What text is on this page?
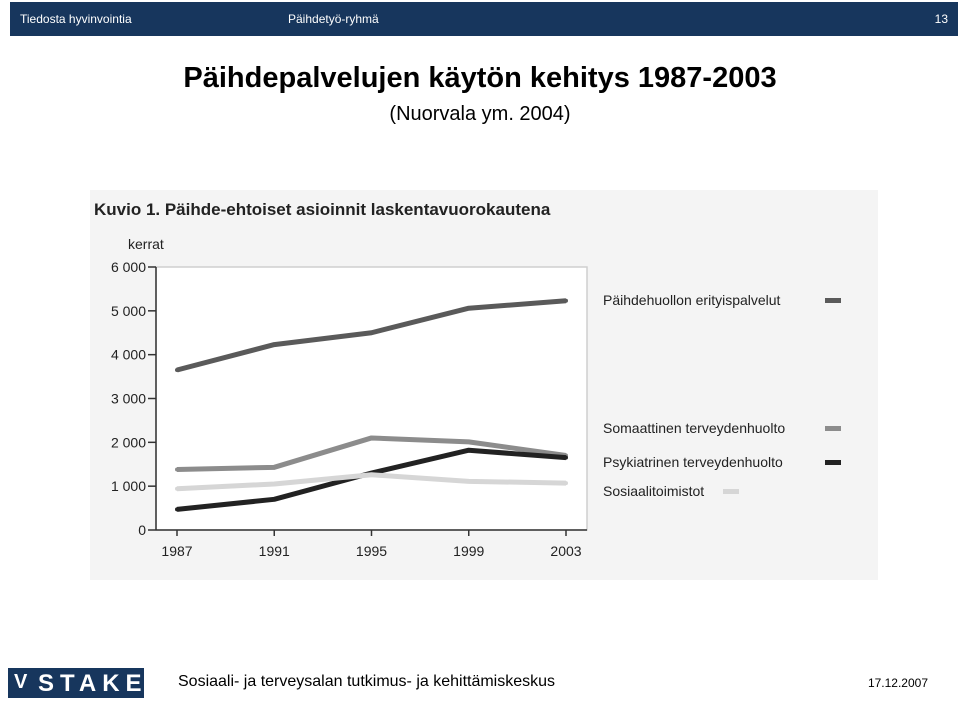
Tiedosta hyvinvointia	Päihdetyö-ryhmä	13
Päihdepalvelujen käytön kehitys 1987-2003
(Nuorvala ym. 2004)
Kuvio 1. Päihde-ehtoiset asioinnit laskentavuorokautena
kerrat
0
1 000
2 000
3 000
4 000
5 000
6 000
1987	1991	1995	1999	2003
Päihdehuollon erityispalvelut
Somaattinen terveydenhuolto
Psykiatrinen terveydenhuolto
Sosiaalitoimistot
V STAKES Sosiaali- ja terveysalan tutkimus- ja kehittämiskeskus	17.12.2007
